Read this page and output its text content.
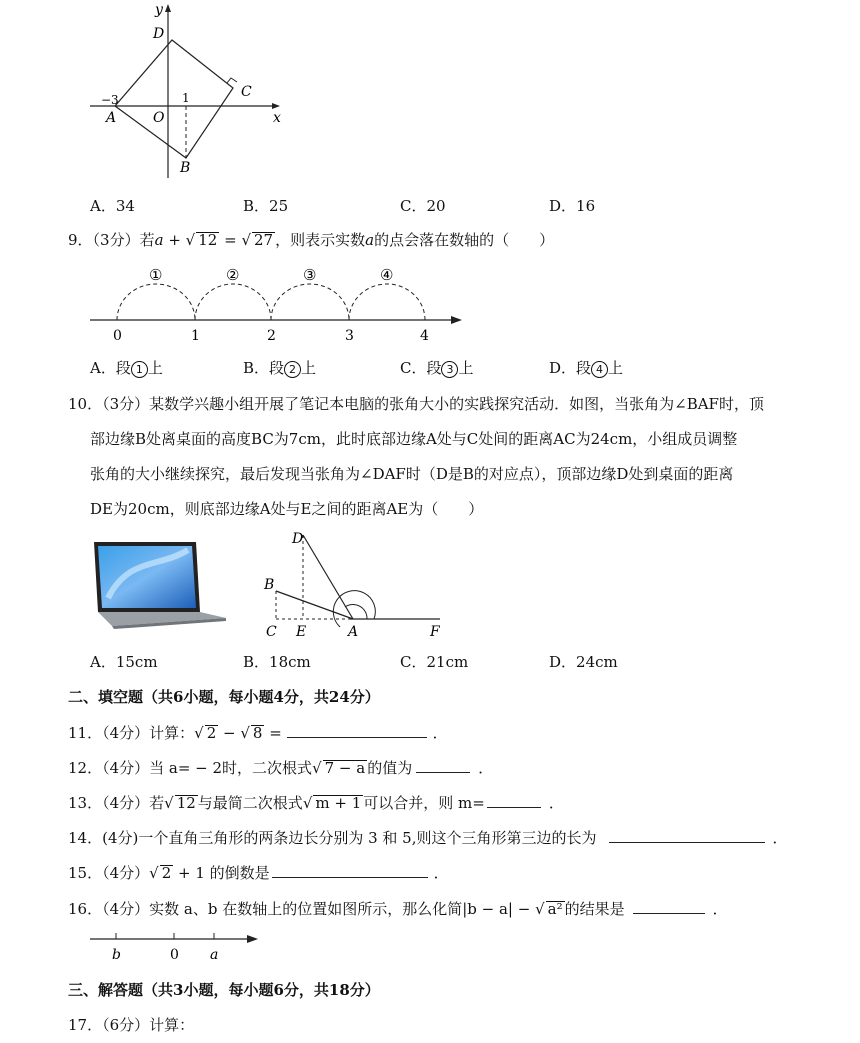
y
D
C
−3	1
A	O	x
B
A．34	B．25	C．20	D．16
9．（3分）若a + √ 12 = √ 27 ，则表示实数a的点会落在数轴的（　　）
①	②	③	④
0	1	2	3	4
A．段 1 上	B．段 2 上	C．段 3 上	D．段 4 上
10．（3分）某数学兴趣小组开展了笔记本电脑的张角大小的实践探究活动．如图，当张角为∠BAF时，顶
部边缘B处离桌面的高度BC为7cm，此时底部边缘A处与C处间的距离AC为24cm，小组成员调整
张角的大小继续探究，最后发现当张角为∠DAF时（D是B的对应点），顶部边缘D处到桌面的距离
DE为20cm，则底部边缘A处与E之间的距离AE为（　　）
D
B
C E	A	F
A．15cm	B．18cm	C．21cm	D．24cm
二、填空题（共6小题，每小题4分，共24分）
11．（4分）计算：√ 2 − √ 8 =	．
12．（4分）当 a= − 2时，二次根式√ 7 − a 的值为	．
13．（4分）若√ 12 与最简二次根式√ m + 1 可以合并，则 m=	．
14．(4分)一个直角三角形的两条边长分别为 3 和 5,则这个三角形第三边的长为	．
15．（4分）√ 2 + 1 的倒数是	．
16．（4分）实数 a、b 在数轴上的位置如图所示，那么化简|b − a| − √ a² 的结果是	．
b	0 a
三、解答题（共3小题，每小题6分，共18分）
17．（6分）计算：
